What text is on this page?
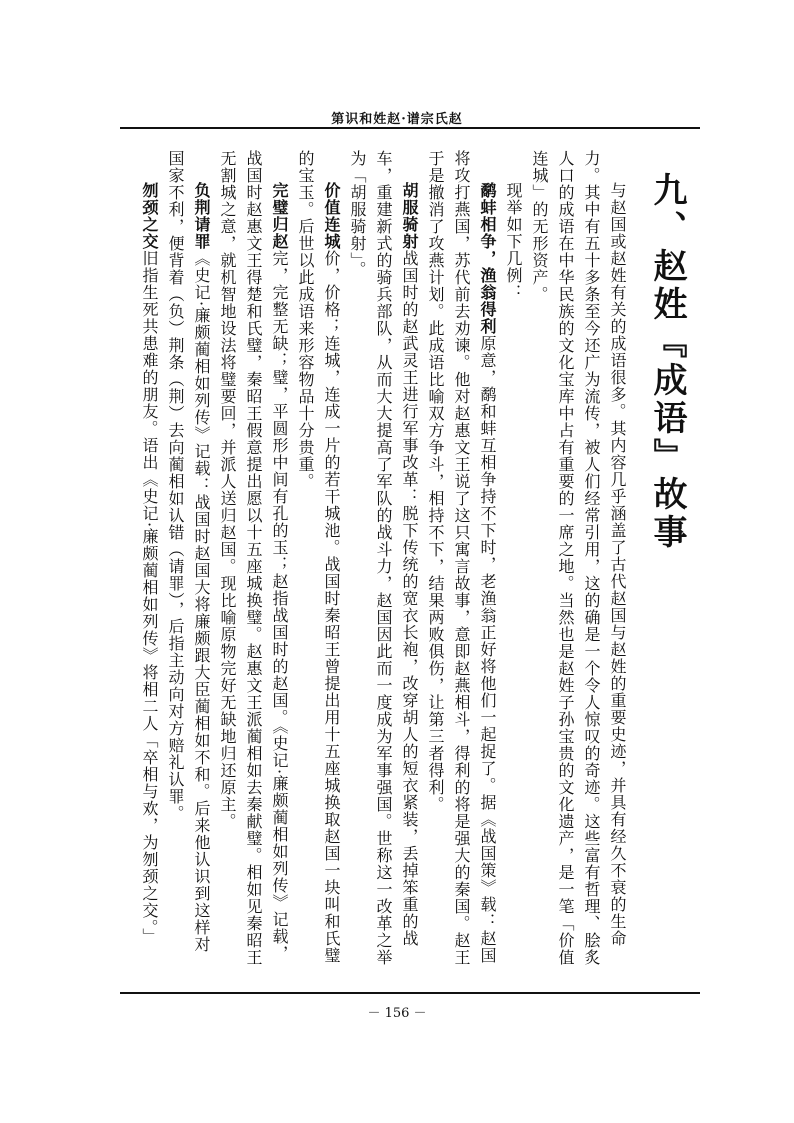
第识和姓赵·谱宗氏赵
九、赵姓『成语』故事

与赵国或赵姓有关的成语很多。其内容几乎涵盖了古代赵国与赵姓的重要史迹，并具有经久不衰的生命力。其中有五十多条至今还广为流传，被人们经常引用，这的确是一个令人惊叹的奇迹。这些富有哲理、脍炙人口的成语在中华民族的文化宝库中占有重要的一席之地。当然也是赵姓子孙宝贵的文化遗产，是一笔「价值连城」的无形资产。

现举如下几例：

鹬蚌相争，渔翁得利原意，鹬和蚌互相争持不下时，老渔翁正好将他们一起捉了。据《战国策》载：赵国将攻打燕国，苏代前去劝谏。他对赵惠文王说了这只寓言故事，意即赵燕相斗，得利的将是强大的秦国。赵王于是撤消了攻燕计划。此成语比喻双方争斗，相持不下，结果两败俱伤，让第三者得利。

胡服骑射战国时的赵武灵王进行军事改革：脱下传统的宽衣长袍，改穿胡人的短衣紧装，丢掉笨重的战车，重建新式的骑兵部队，从而大大提高了军队的战斗力，赵国因此而一度成为军事强国。世称这一改革之举为「胡服骑射」。

价值连城价，价格；连城，连成一片的若干城池。战国时秦昭王曾提出用十五座城换取赵国一块叫和氏璧的宝玉。后世以此成语来形容物品十分贵重。

完璧归赵完，完整无缺；璧，平圆形中间有孔的玉；赵指战国时的赵国。《史记·廉颇蔺相如列传》记载，战国时赵惠文王得楚和氏璧，秦昭王假意提出愿以十五座城换璧。赵惠文王派蔺相如去秦献璧。相如见秦昭王无割城之意，就机智地设法将璧要回，并派人送归赵国。现比喻原物完好无缺地归还原主。

负荆请罪《史记·廉颇蔺相如列传》记载：战国时赵国大将廉颇跟大臣蔺相如不和。后来他认识到这样对国家不利，便背着（负）荆条（荆）去向蔺相如认错（请罪），后指主动向对方赔礼认罪。

刎颈之交旧指生死共患难的朋友。语出《史记·廉颇蔺相如列传》将相二人「卒相与欢，为刎颈之交。」

－ 156 －
